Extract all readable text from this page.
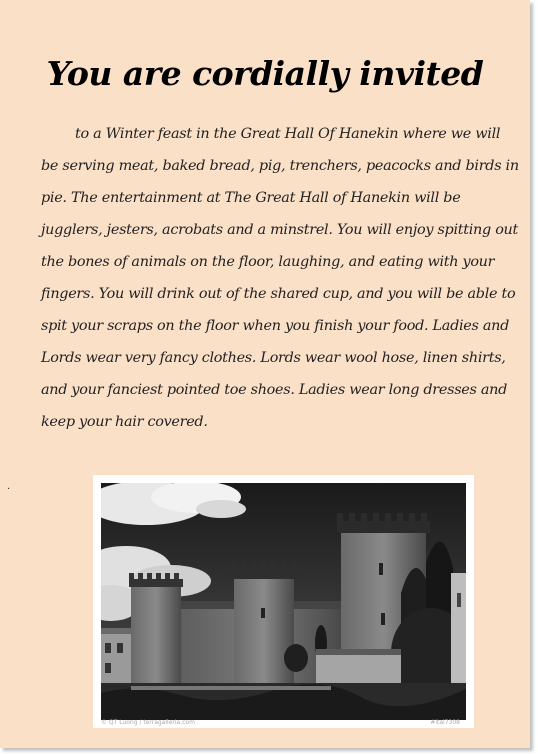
You are cordially invited
to a Winter feast in the Great Hall Of Hanekin where we will
be serving meat, baked bread, pig, trenchers, peacocks and birds in
pie. The entertainment at The Great Hall of Hanekin will be
jugglers, jesters, acrobats and a minstrel. You will enjoy spitting out
the bones of animals on the floor, laughing, and eating with your
fingers. You will drink out of the shared cup, and you will be able to
spit your scraps on the floor when you finish your food. Ladies and
Lords wear very fancy clothes. Lords wear wool hose, linen shirts,
and your fanciest pointed toe shoes. Ladies wear long dresses and
keep your hair covered.
.
© QT Luong / terragalleria.com	#ital7308
